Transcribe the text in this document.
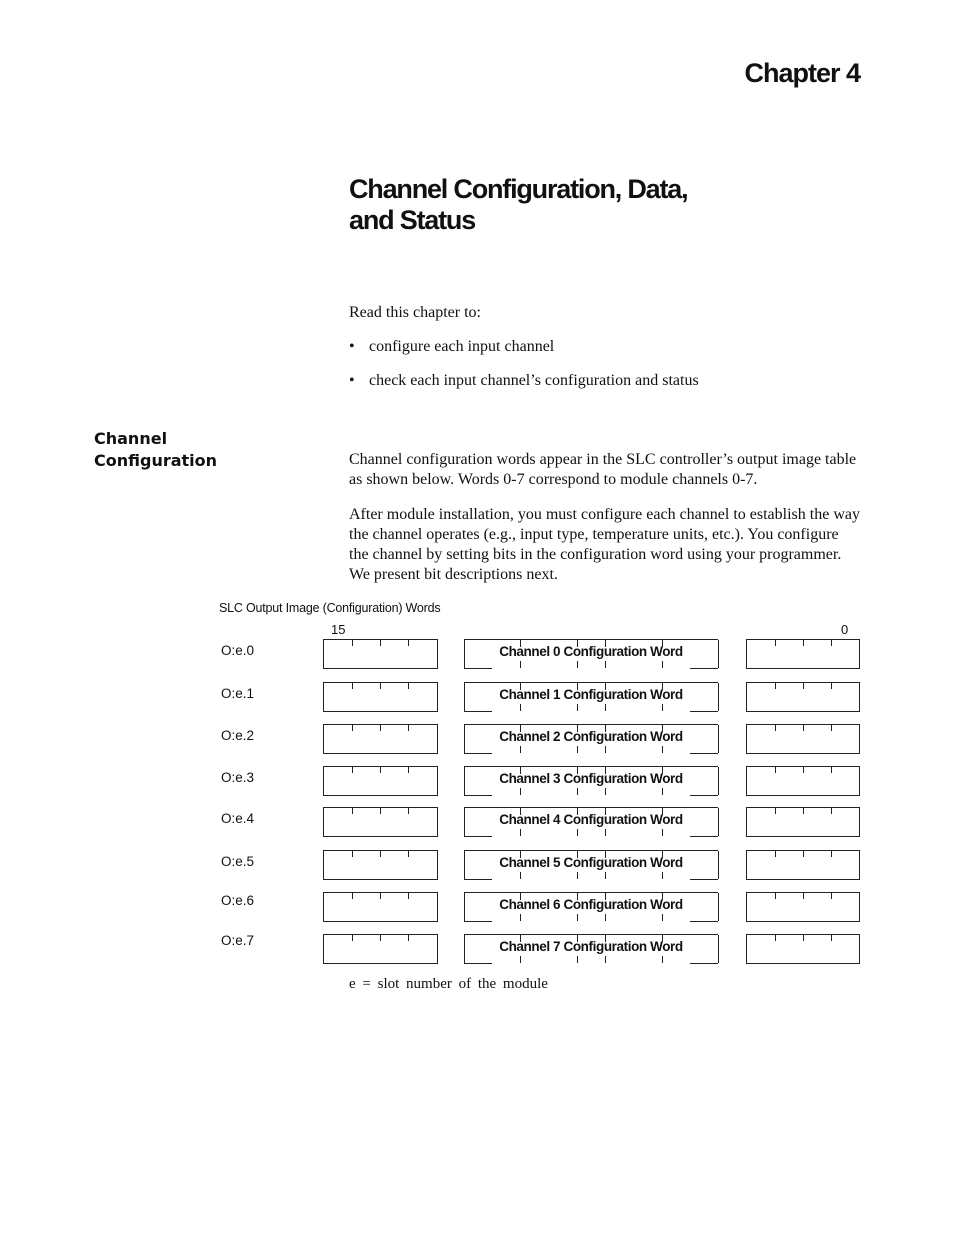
Chapter 4
Channel Configuration, Data,
and Status

Read this chapter to:

• configure each input channel
• check each input channel’s configuration and status
Channel
Configuration	Channel configuration words appear in the SLC controller’s output image table as shown below. Words 0-7 correspond to module channels 0-7.

After module installation, you must configure each channel to establish the way the channel operates (e.g., input type, temperature units, etc.). You configure the channel by setting bits in the configuration word using your programmer. We present bit descriptions next.

SLC Output Image (Configuration) Words
15	0
O:e.0	Channel 0 Configuration Word
O:e.1	Channel 1 Configuration Word
O:e.2	Channel 2 Configuration Word
O:e.3	Channel 3 Configuration Word
O:e.4	Channel 4 Configuration Word
O:e.5	Channel 5 Configuration Word
O:e.6	Channel 6 Configuration Word
O:e.7	Channel 7 Configuration Word
e = slot number of the module
